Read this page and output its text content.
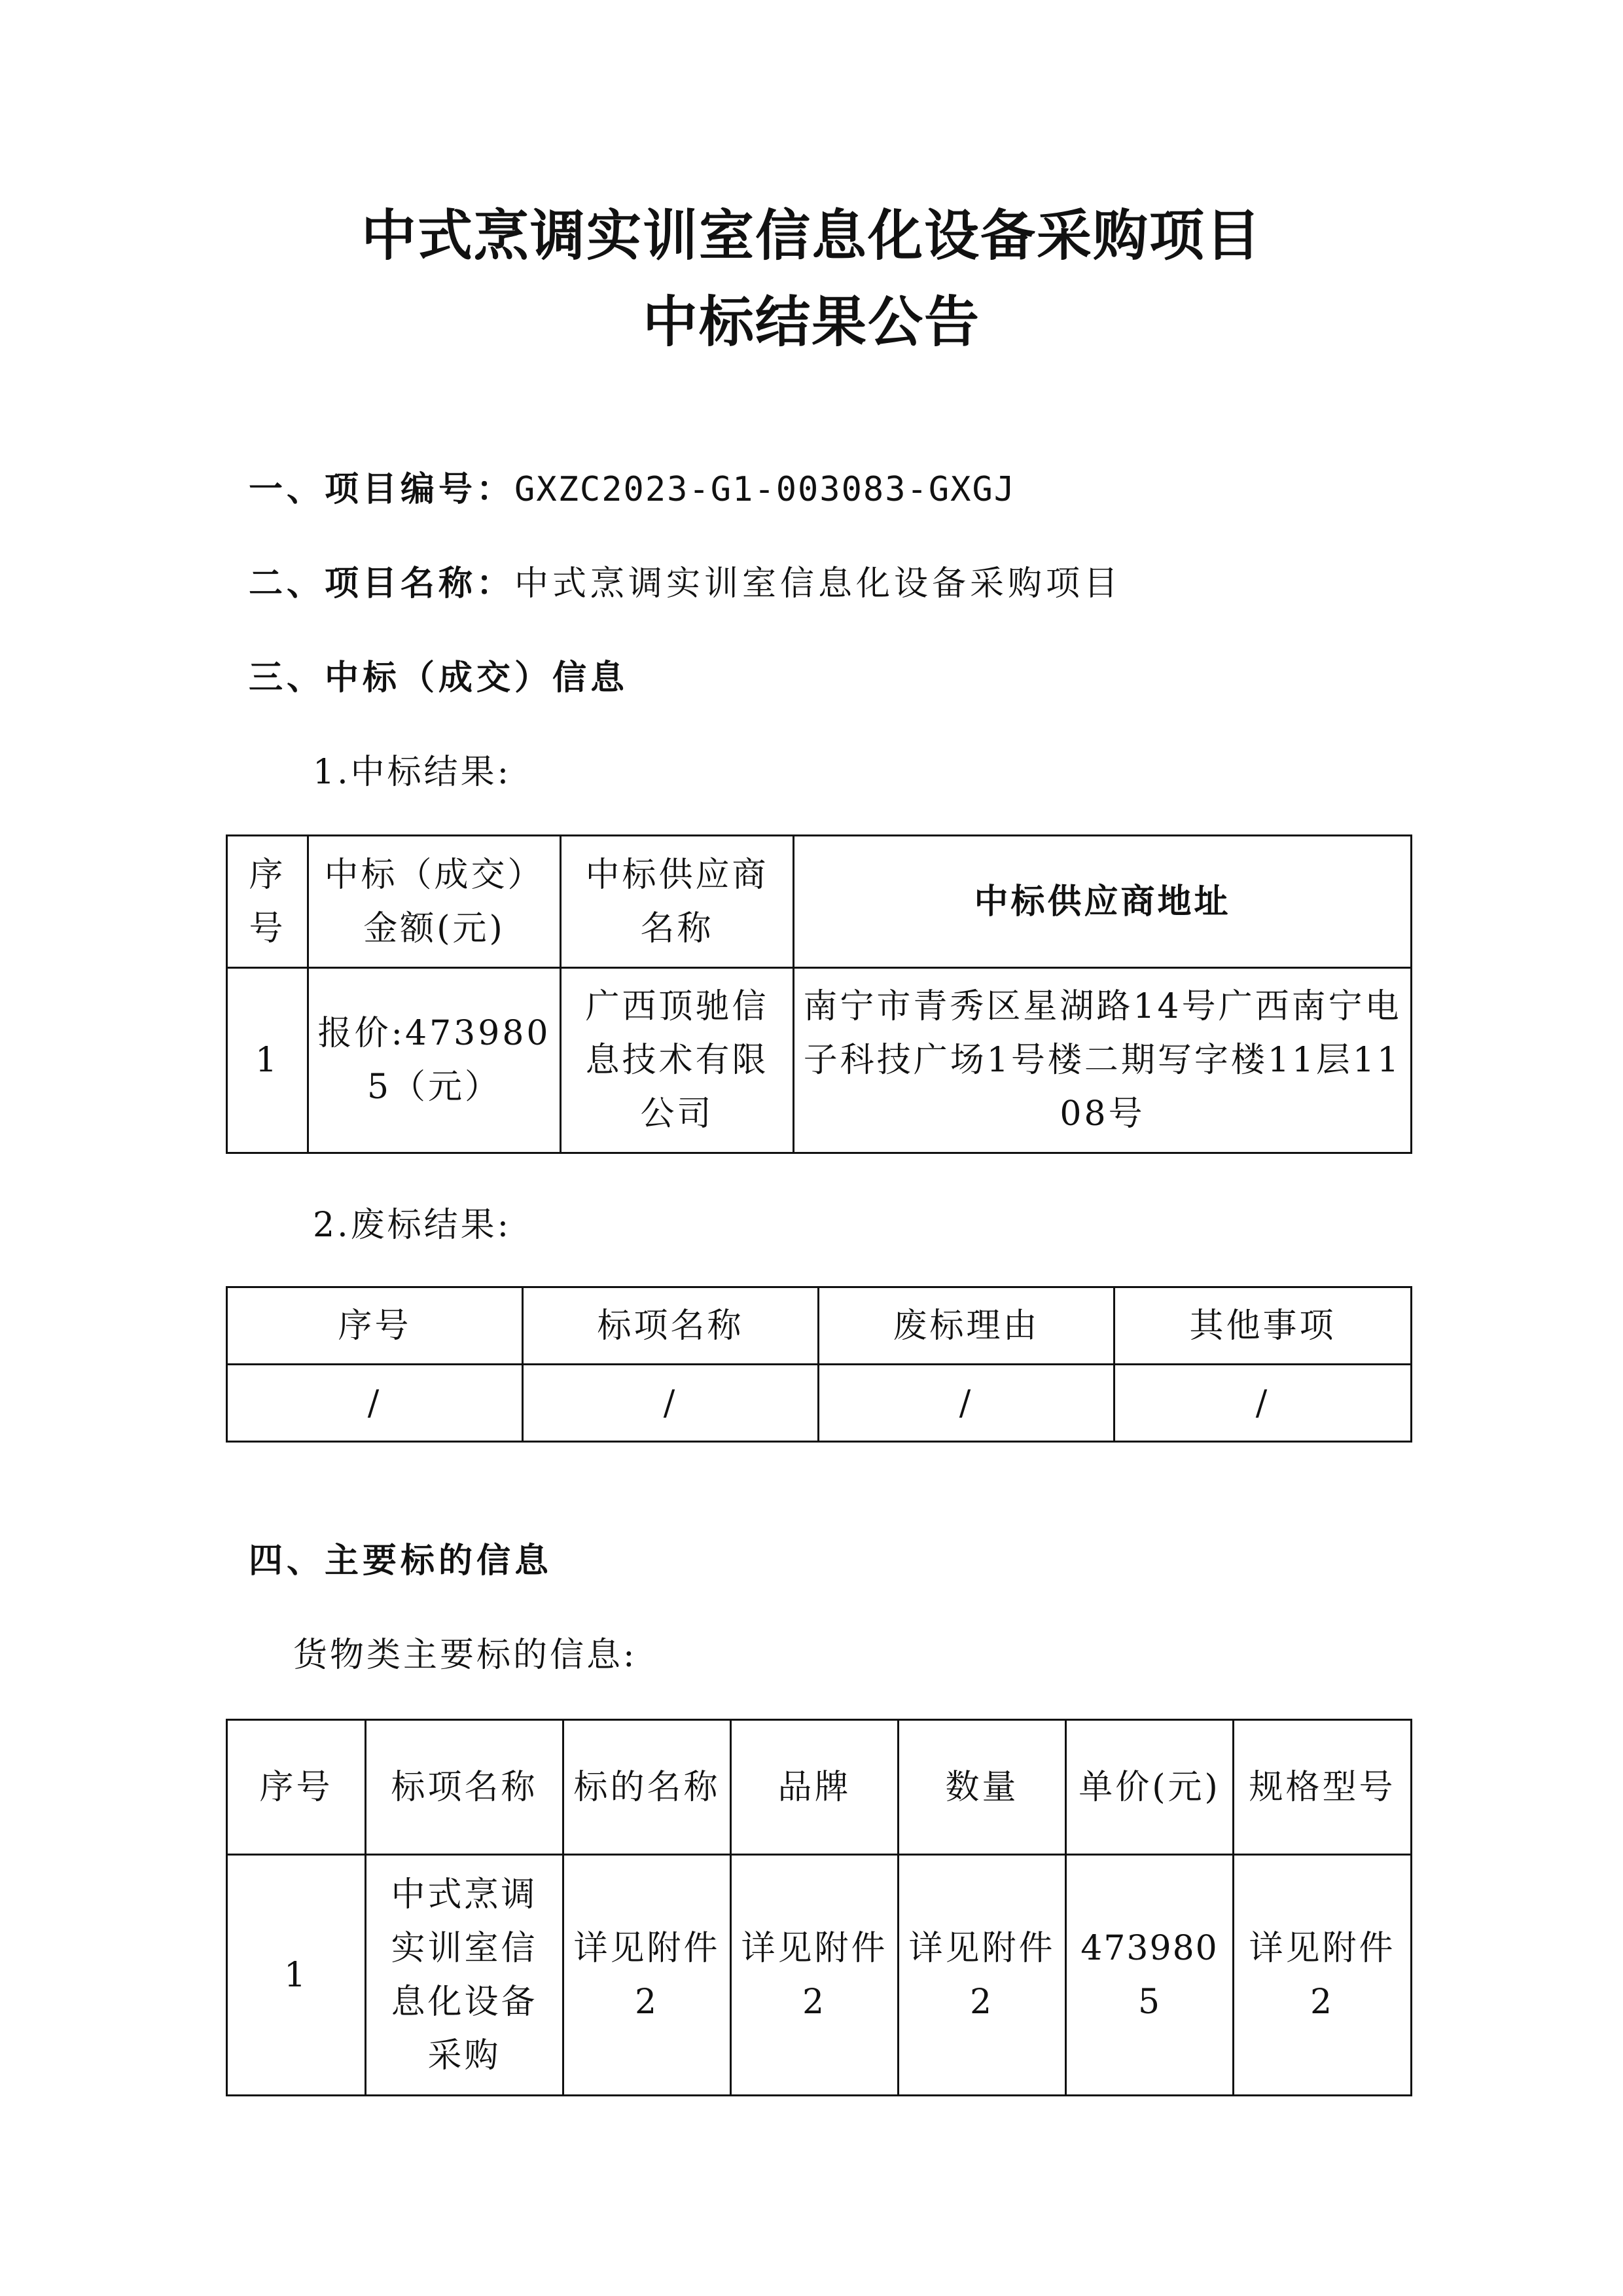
中式烹调实训室信息化设备采购项目
中标结果公告
一、项目编号：GXZC2023-G1-003083-GXGJ
二、项目名称：中式烹调实训室信息化设备采购项目
三、中标（成交）信息
1.中标结果:
序号	中标（成交）金额(元)	中标供应商名称	中标供应商地址
1	报价:4739805（元）	广西顶驰信息技术有限公司	南宁市青秀区星湖路14号广西南宁电子科技广场1号楼二期写字楼11层1108号
2.废标结果:
序号	标项名称	废标理由	其他事项
/	/	/	/
四、主要标的信息
货物类主要标的信息:
序号	标项名称	标的名称	品牌	数量	单价(元)	规格型号
1	中式烹调实训室信息化设备采购	详见附件2	详见附件2	详见附件2	4739805	详见附件2
